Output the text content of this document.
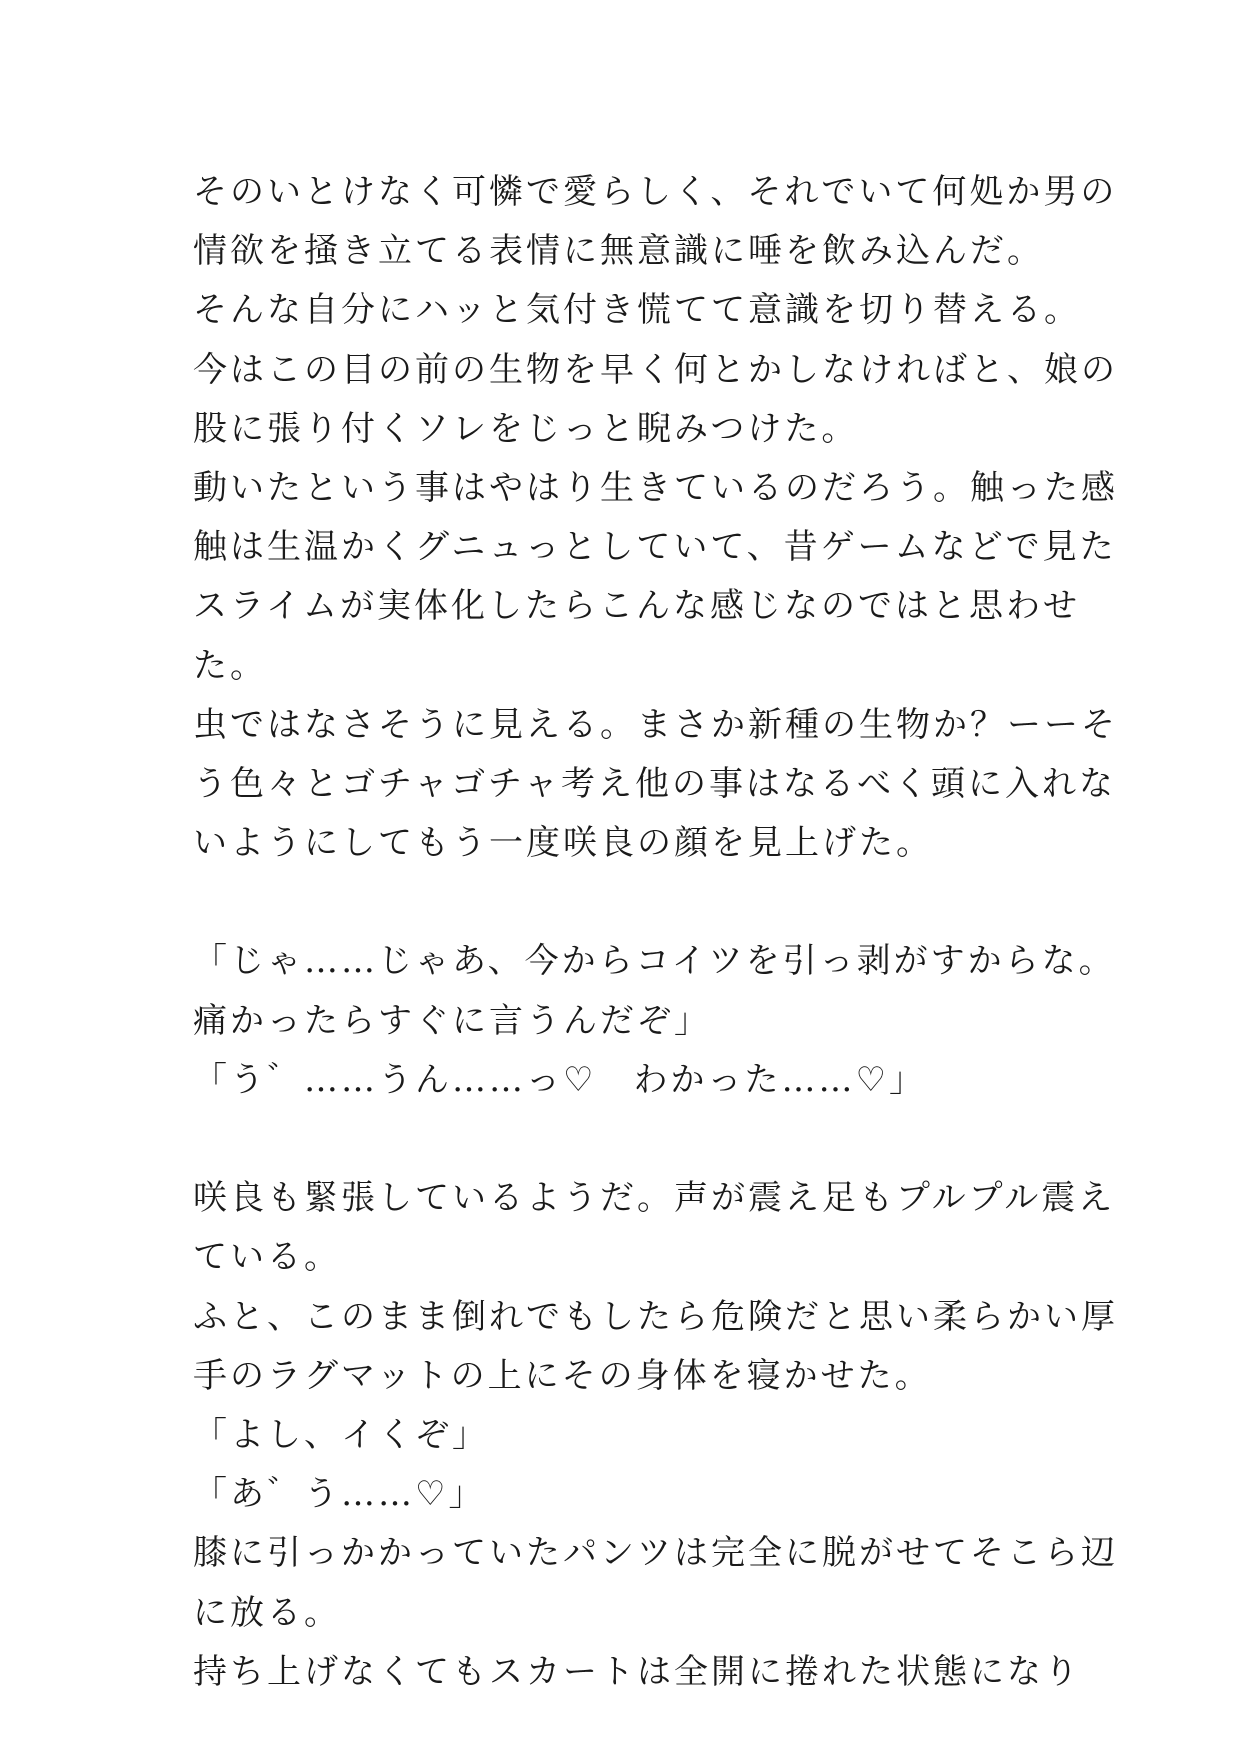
そのいとけなく可憐で愛らしく、それでいて何処か男の
情欲を掻き立てる表情に無意識に唾を飲み込んだ。
そんな自分にハッと気付き慌てて意識を切り替える。
今はこの目の前の生物を早く何とかしなければと、娘の
股に張り付くソレをじっと睨みつけた。
動いたという事はやはり生きているのだろう。触った感
触は生温かくグニュっとしていて、昔ゲームなどで見た
スライムが実体化したらこんな感じなのではと思わせ
た。
虫ではなさそうに見える。まさか新種の生物か？ーーそ
う色々とゴチャゴチャ考え他の事はなるべく頭に入れな
いようにしてもう一度咲良の顔を見上げた。
「じゃ……じゃあ、今からコイツを引っ剥がすからな。
痛かったらすぐに言うんだぞ」
「う゛……うん……っ♡　わかった……♡」
咲良も緊張しているようだ。声が震え足もプルプル震え
ている。
ふと、このまま倒れでもしたら危険だと思い柔らかい厚
手のラグマットの上にその身体を寝かせた。
「よし、イくぞ」
「あ゛う……♡」
膝に引っかかっていたパンツは完全に脱がせてそこら辺
に放る。
持ち上げなくてもスカートは全開に捲れた状態になり
